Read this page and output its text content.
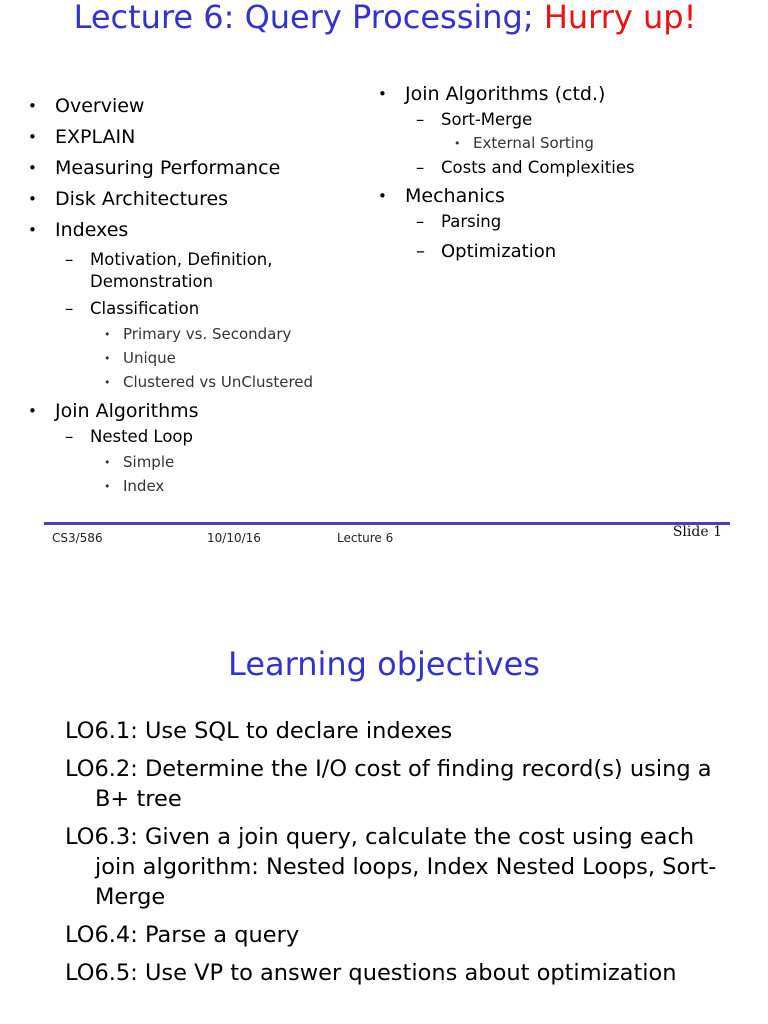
Lecture 6: Query Processing; Hurry up!
• Overview
• EXPLAIN
• Measuring Performance
• Disk Architectures
• Indexes
– Motivation, Definition, Demonstration
– Classification
• Primary vs. Secondary
• Unique
• Clustered vs UnClustered
• Join Algorithms
– Nested Loop
• Simple
• Index
• Join Algorithms (ctd.)
– Sort-Merge
• External Sorting
– Costs and Complexities
• Mechanics
– Parsing
– Optimization
CS3/586	10/10/16	Lecture 6	Slide 1
Learning objectives
LO6.1: Use SQL to declare indexes
LO6.2: Determine the I/O cost of finding record(s) using a B+ tree
LO6.3: Given a join query, calculate the cost using each join algorithm: Nested loops, Index Nested Loops, Sort-Merge
LO6.4: Parse a query
LO6.5: Use VP to answer questions about optimization
